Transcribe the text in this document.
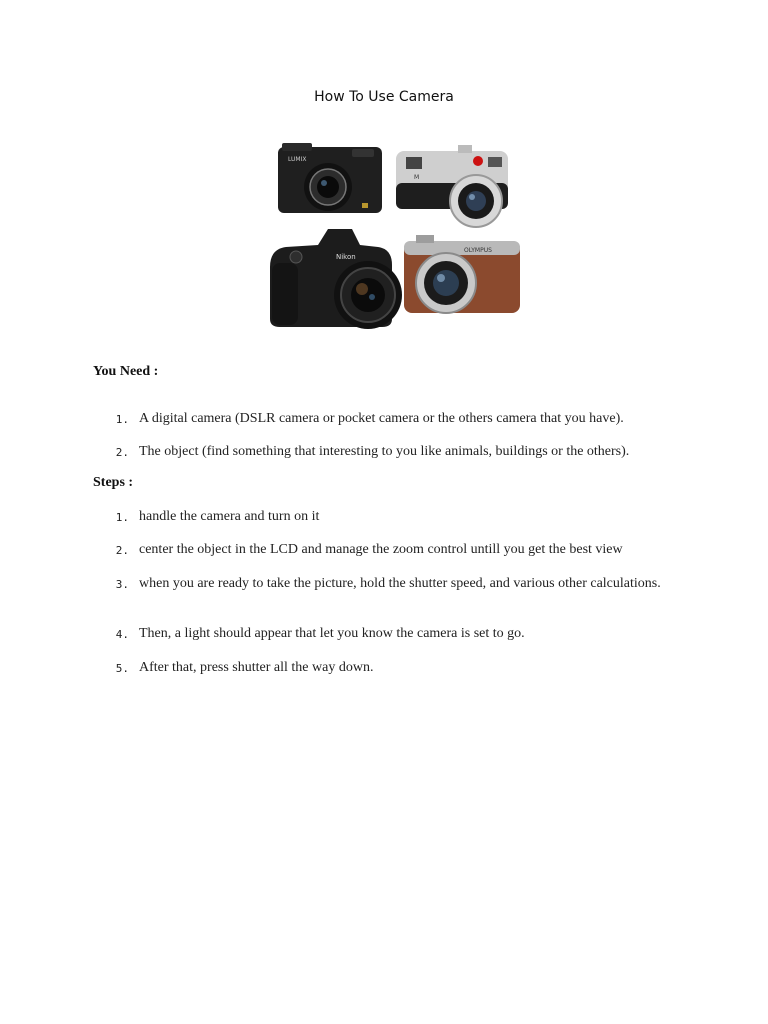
How To Use Camera
LUMIX
M
Nikon
OLYMPUS
You Need :
1. A digital camera (DSLR camera or pocket camera or the others camera that you have).
2. The object (find something that interesting to you like animals, buildings or the others).
Steps :
1. handle the camera and turn on it
2. center the object in the LCD and manage the zoom control untill you get the best view
3. when you are ready to take the picture, hold the shutter speed, and various other calculations.
4. Then, a light should appear that let you know the camera is set to go.
5. After that, press shutter all the way down.
